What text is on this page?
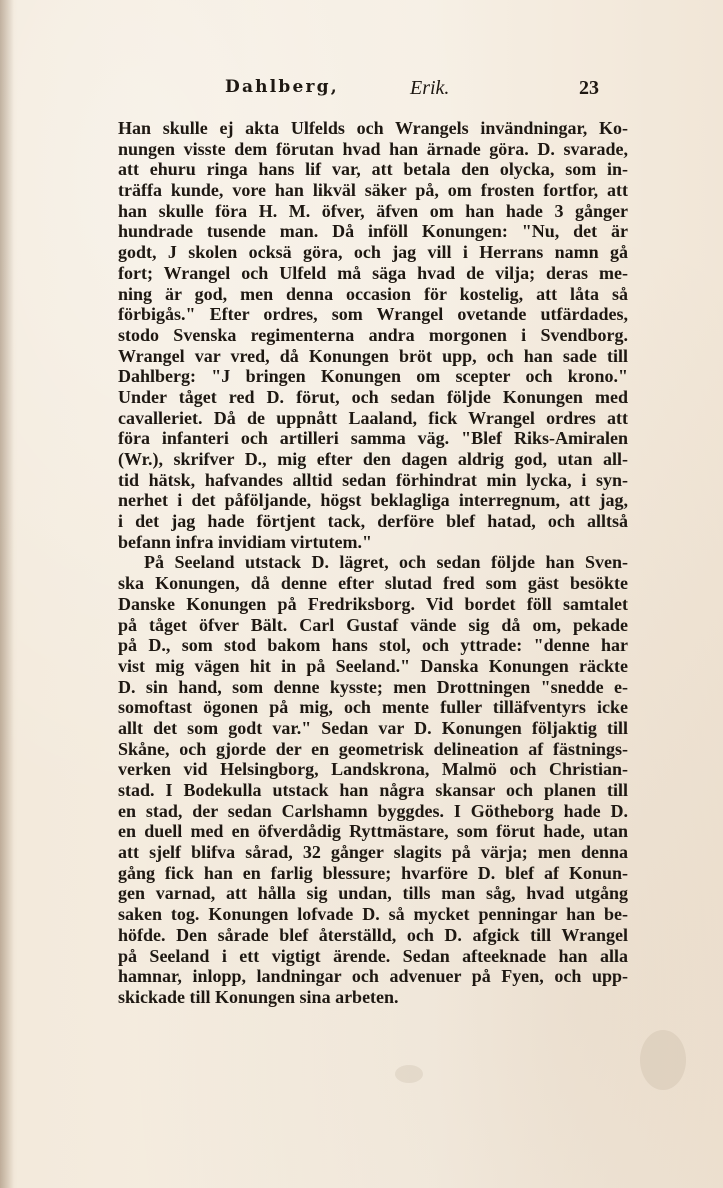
Dahlberg,	Erik.	23
Han skulle ej akta Ulfelds och Wrangels invändningar, Ko-
nungen visste dem förutan hvad han ärnade göra. D. svarade,
att ehuru ringa hans lif var, att betala den olycka, som in-
träffa kunde, vore han likväl säker på, om frosten fortfor, att
han skulle föra H. M. öfver, äfven om han hade 3 gånger
hundrade tusende man. Då inföll Konungen: "Nu, det är
godt, J skolen ocksä göra, och jag vill i Herrans namn gå
fort; Wrangel och Ulfeld må säga hvad de vilja; deras me-
ning är god, men denna occasion för kostelig, att låta så
förbigås." Efter ordres, som Wrangel ovetande utfärdades,
stodo Svenska regimenterna andra morgonen i Svendborg.
Wrangel var vred, då Konungen bröt upp, och han sade till
Dahlberg: "J bringen Konungen om scepter och krono."
Under tåget red D. förut, och sedan följde Konungen med
cavalleriet. Då de uppnått Laaland, fick Wrangel ordres att
föra infanteri och artilleri samma väg. "Blef Riks-Amiralen
(Wr.), skrifver D., mig efter den dagen aldrig god, utan all-
tid hätsk, hafvandes alltid sedan förhindrat min lycka, i syn-
nerhet i det påföljande, högst beklagliga interregnum, att jag,
i det jag hade förtjent tack, derföre blef hatad, och alltså
befann infra invidiam virtutem."
På Seeland utstack D. lägret, och sedan följde han Sven-
ska Konungen, då denne efter slutad fred som gäst besökte
Danske Konungen på Fredriksborg. Vid bordet föll samtalet
på tåget öfver Bält. Carl Gustaf vände sig då om, pekade
på D., som stod bakom hans stol, och yttrade: "denne har
vist mig vägen hit in på Seeland." Danska Konungen räckte
D. sin hand, som denne kysste; men Drottningen "snedde e-
somoftast ögonen på mig, och mente fuller tilläfventyrs icke
allt det som godt var." Sedan var D. Konungen följaktig till
Skåne, och gjorde der en geometrisk delineation af fästnings-
verken vid Helsingborg, Landskrona, Malmö och Christian-
stad. I Bodekulla utstack han några skansar och planen till
en stad, der sedan Carlshamn byggdes. I Götheborg hade D.
en duell med en öfverdådig Ryttmästare, som förut hade, utan
att sjelf blifva sårad, 32 gånger slagits på värja; men denna
gång fick han en farlig blessure; hvarföre D. blef af Konun-
gen varnad, att hålla sig undan, tills man såg, hvad utgång
saken tog. Konungen lofvade D. så mycket penningar han be-
höfde. Den sårade blef återställd, och D. afgick till Wrangel
på Seeland i ett vigtigt ärende. Sedan afteeknade han alla
hamnar, inlopp, landningar och advenuer på Fyen, och upp-
skickade till Konungen sina arbeten.
